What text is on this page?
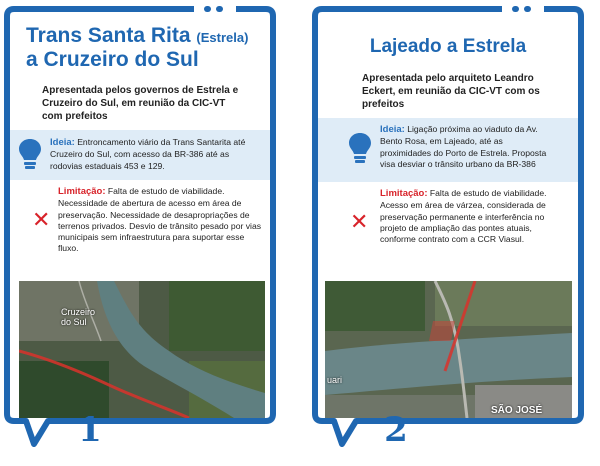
Trans Santa Rita (Estrela)
a Cruzeiro do Sul
Apresentada pelos governos de Estrela e Cruzeiro do Sul, em reunião da CIC-VT com prefeitos
Ideia: Entroncamento viário da Trans Santarita até Cruzeiro do Sul, com acesso da BR-386 até as rodovias estaduais 453 e 129.
✕
Limitação: Falta de estudo de viabilidade. Necessidade de abertura de acesso em área de preservação. Necessidade de desapropriações de terrenos privados. Desvio de trânsito pesado por vias municipais sem infraestrutura para suportar esse fluxo.
Cruzeiro do Sul
1
Lajeado a Estrela
Apresentada pelo arquiteto Leandro Eckert, em reunião da CIC-VT com os prefeitos
Ideia: Ligação próxima ao viaduto da Av. Bento Rosa, em Lajeado, até as proximidades do Porto de Estrela. Proposta visa desviar o trânsito urbano da BR-386
✕
Limitação: Falta de estudo de viabilidade. Acesso em área de várzea, considerada de preservação permanente e interferência no projeto de ampliação das pontes atuais, conforme contrato com a CCR Viasul.
uari
SÃO JOSÉ
2
